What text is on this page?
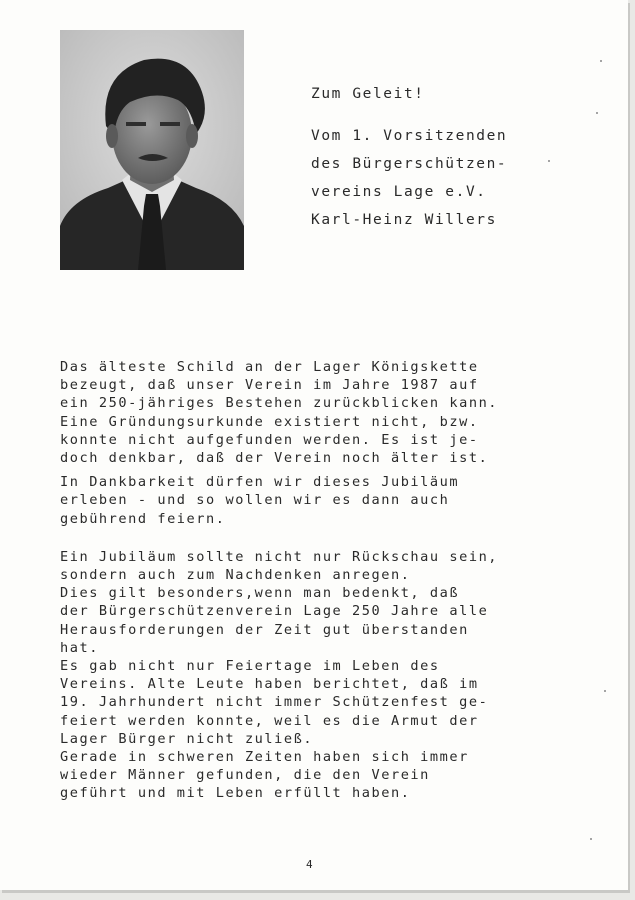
Zum Geleit!
Vom 1. Vorsitzenden
des Bürgerschützen-
vereins Lage e.V.
Karl-Heinz Willers
Das älteste Schild an der Lager Königskette
bezeugt, daß unser Verein im Jahre 1987 auf
ein 250-jähriges Bestehen zurückblicken kann.
Eine Gründungsurkunde existiert nicht, bzw.
konnte nicht aufgefunden werden. Es ist je-
doch denkbar, daß der Verein noch älter ist.
In Dankbarkeit dürfen wir dieses Jubiläum
erleben - und so wollen wir es dann auch
gebührend feiern.
Ein Jubiläum sollte nicht nur Rückschau sein,
sondern auch zum Nachdenken anregen.
Dies gilt besonders,wenn man bedenkt, daß
der Bürgerschützenverein Lage 250 Jahre alle
Herausforderungen der Zeit gut überstanden
hat.
Es gab nicht nur Feiertage im Leben des
Vereins. Alte Leute haben berichtet, daß im
19. Jahrhundert nicht immer Schützenfest ge-
feiert werden konnte, weil es die Armut der
Lager Bürger nicht zuließ.
Gerade in schweren Zeiten haben sich immer
wieder Männer gefunden, die den Verein
geführt und mit Leben erfüllt haben.
4
